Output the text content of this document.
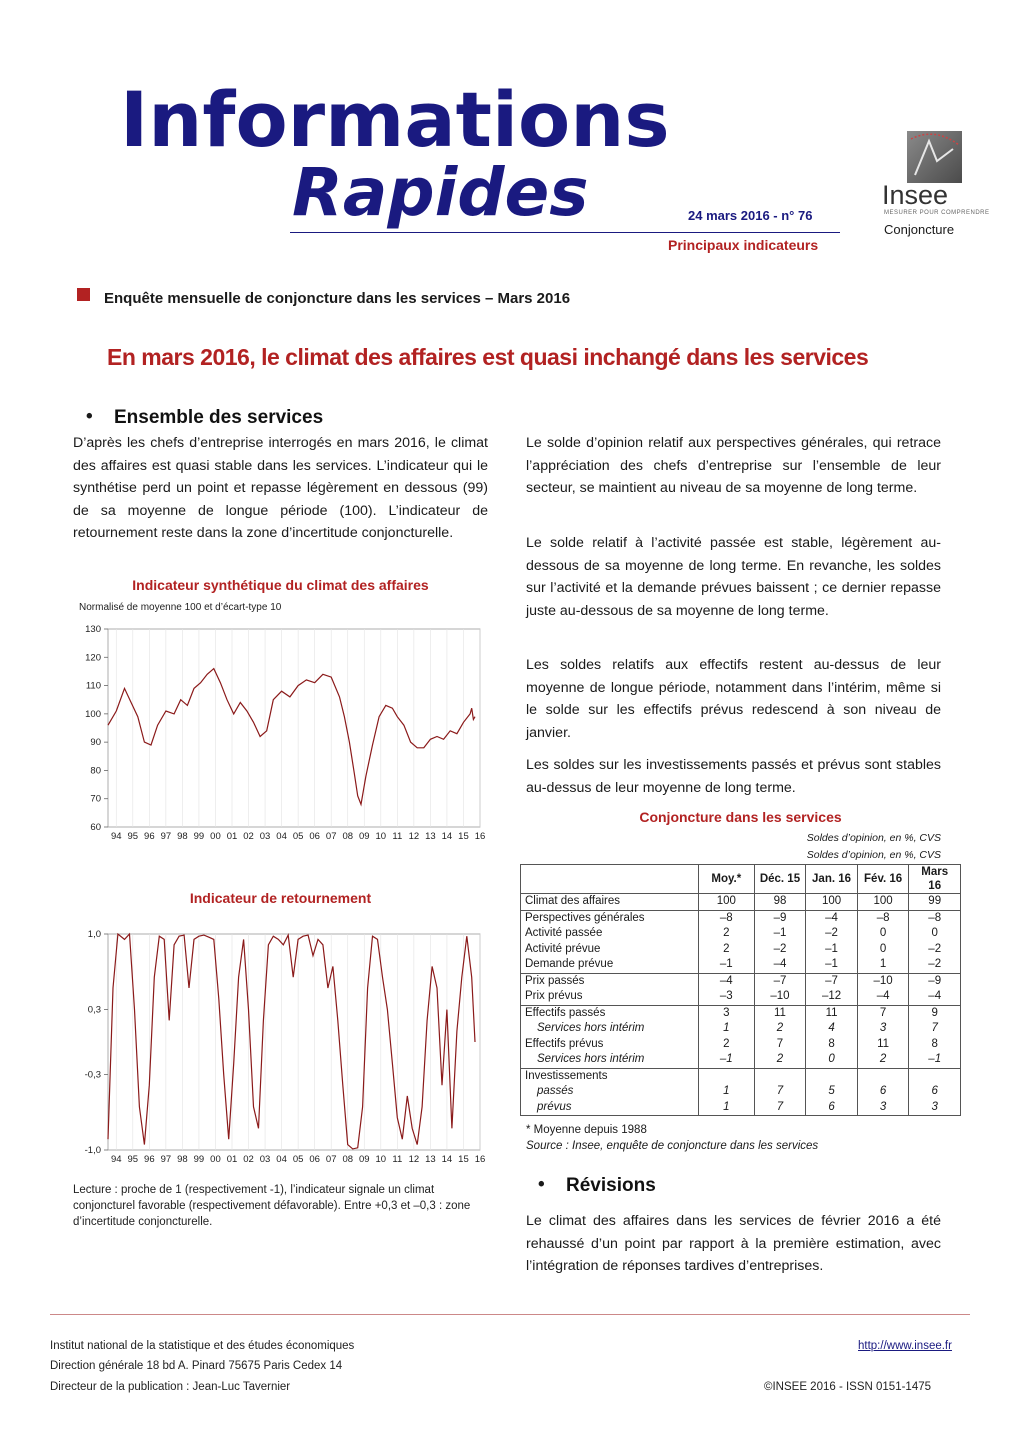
Informations
Rapides	24 mars 2016 - n° 76
Principaux indicateurs
Insee
MESURER POUR COMPRENDRE
Conjoncture
Enquête mensuelle de conjoncture dans les services – Mars 2016
En mars 2016, le climat des affaires est quasi inchangé dans les services
• Ensemble des services
D’après les chefs d’entreprise interrogés en mars 2016, le climat des affaires est quasi stable dans les services. L’indicateur qui le synthétise perd un point et repasse légèrement en dessous (99) de sa moyenne de longue période (100). L’indicateur de retournement reste dans la zone d’incertitude conjoncturelle.
Indicateur synthétique du climat des affaires
Normalisé de moyenne 100 et d’écart-type 10
60
70
80
90
100
110
120
130
94 95 96 97 98 99 00 01 02 03 04 05 06 07 08 09 10 11 12 13 14 15 16
Indicateur de retournement
1,0
0,3
-0,3
-1,0
94 95 96 97 98 99 00 01 02 03 04 05 06 07 08 09 10 11 12 13 14 15 16
Lecture : proche de 1 (respectivement -1), l’indicateur signale un climat conjoncturel favorable (respectivement défavorable). Entre +0,3 et –0,3 : zone d’incertitude conjoncturelle.
Le solde d’opinion relatif aux perspectives générales, qui retrace l’appréciation des chefs d’entreprise sur l’ensemble de leur secteur, se maintient au niveau de sa moyenne de long terme.
Le solde relatif à l’activité passée est stable, légèrement au-dessous de sa moyenne de long terme. En revanche, les soldes sur l’activité et la demande prévues baissent ; ce dernier repasse juste au-dessous de sa moyenne de long terme.
Les soldes relatifs aux effectifs restent au-dessus de leur moyenne de longue période, notamment dans l’intérim, même si le solde sur les effectifs prévus redescend à son niveau de janvier.
Les soldes sur les investissements passés et prévus sont stables au-dessus de leur moyenne de long terme.
Conjoncture dans les services
Soldes d’opinion, en %, CVS
Soldes d’opinion, en %, CVS
	Moy.*	Déc. 15	Jan. 16	Fév. 16	Mars 16
Climat des affaires	100	98	100	100	99
Perspectives générales	–8	–9	–4	–8	–8
Activité passée	2	–1	–2	0	0
Activité prévue	2	–2	–1	0	–2
Demande prévue	–1	–4	–1	1	–2
Prix passés	–4	–7	–7	–10	–9
Prix prévus	–3	–10	–12	–4	–4
Effectifs passés	3	11	11	7	9
Services hors intérim	1	2	4	3	7
Effectifs prévus	2	7	8	11	8
Services hors intérim	–1	2	0	2	–1
Investissements					
passés	1	7	5	6	6
prévus	1	7	6	3	3
* Moyenne depuis 1988
Source : Insee, enquête de conjoncture dans les services
• Révisions
Le climat des affaires dans les services de février 2016 a été rehaussé d’un point par rapport à la première estimation, avec l’intégration de réponses tardives d’entreprises.
Institut national de la statistique et des études économiques
Direction générale 18 bd A. Pinard 75675 Paris Cedex 14
Directeur de la publication : Jean-Luc Tavernier
http://www.insee.fr
©INSEE 2016 - ISSN 0151-1475
